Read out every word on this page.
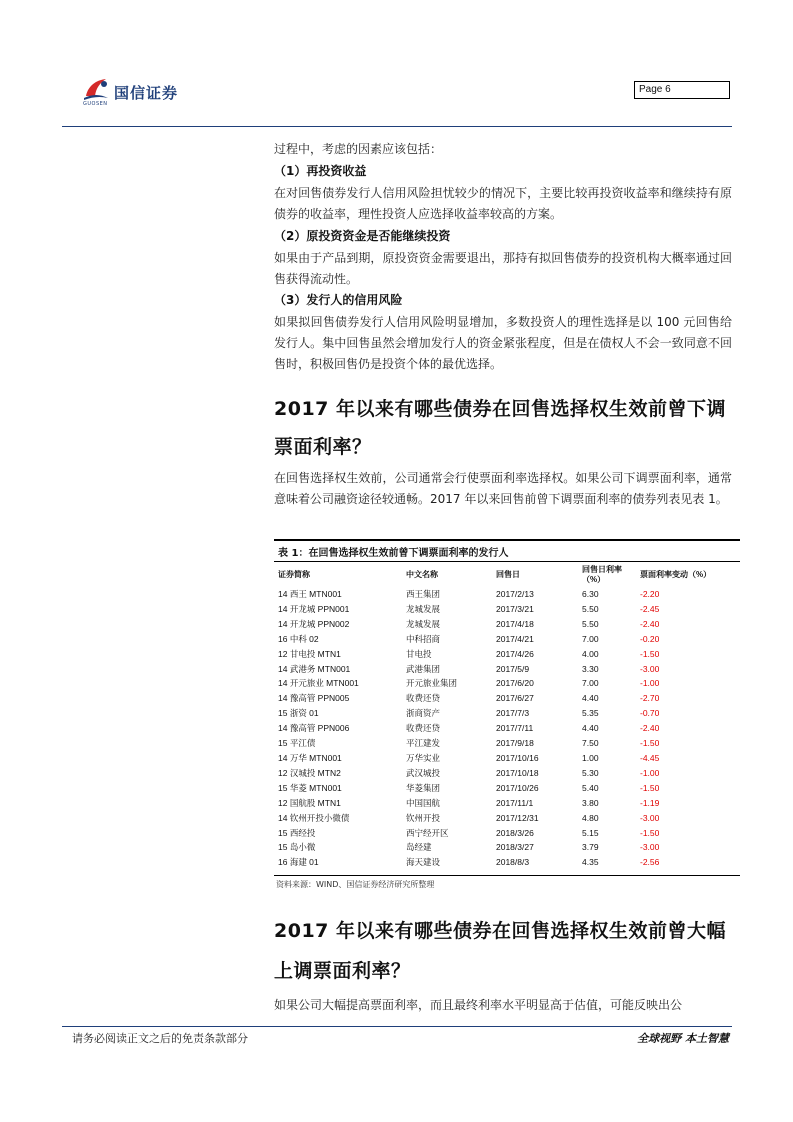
国信证券
GUOSEN
Page 6
过程中，考虑的因素应该包括：
（1）再投资收益
在对回售债券发行人信用风险担忧较少的情况下，主要比较再投资收益率和继续持有原债券的收益率，理性投资人应选择收益率较高的方案。
（2）原投资资金是否能继续投资
如果由于产品到期，原投资资金需要退出，那持有拟回售债券的投资机构大概率通过回售获得流动性。
（3）发行人的信用风险
如果拟回售债券发行人信用风险明显增加，多数投资人的理性选择是以 100 元回售给发行人。集中回售虽然会增加发行人的资金紧张程度，但是在债权人不会一致同意不回售时，积极回售仍是投资个体的最优选择。
2017 年以来有哪些债券在回售选择权生效前曾下调
票面利率？
在回售选择权生效前，公司通常会行使票面利率选择权。如果公司下调票面利率，通常意味着公司融资途径较通畅。2017 年以来回售前曾下调票面利率的债券列表见表 1。
表 1：在回售选择权生效前曾下调票面利率的发行人
证券简称	中文名称	回售日	回售日利率（%）	票面利率变动（%）
14 西王 MTN001	西王集团	2017/2/13	6.30	-2.20
14 开龙城 PPN001	龙城发展	2017/3/21	5.50	-2.45
14 开龙城 PPN002	龙城发展	2017/4/18	5.50	-2.40
16 中科 02	中科招商	2017/4/21	7.00	-0.20
12 甘电投 MTN1	甘电投	2017/4/26	4.00	-1.50
14 武港务 MTN001	武港集团	2017/5/9	3.30	-3.00
14 开元旅业 MTN001	开元旅业集团	2017/6/20	7.00	-1.00
14 豫高管 PPN005	收费还贷	2017/6/27	4.40	-2.70
15 浙资 01	浙商资产	2017/7/3	5.35	-0.70
14 豫高管 PPN006	收费还贷	2017/7/11	4.40	-2.40
15 平江债	平江建发	2017/9/18	7.50	-1.50
14 万华 MTN001	万华实业	2017/10/16	1.00	-4.45
12 汉城投 MTN2	武汉城投	2017/10/18	5.30	-1.00
15 华菱 MTN001	华菱集团	2017/10/26	5.40	-1.50
12 国航股 MTN1	中国国航	2017/11/1	3.80	-1.19
14 钦州开投小微债	钦州开投	2017/12/31	4.80	-3.00
15 西经投	西宁经开区	2018/3/26	5.15	-1.50
15 岛小微	岛经建	2018/3/27	3.79	-3.00
16 海建 01	海天建设	2018/8/3	4.35	-2.56
资料来源：WIND、国信证券经济研究所整理
2017 年以来有哪些债券在回售选择权生效前曾大幅
上调票面利率？
如果公司大幅提高票面利率，而且最终利率水平明显高于估值，可能反映出公
请务必阅读正文之后的免责条款部分	全球视野 本土智慧
